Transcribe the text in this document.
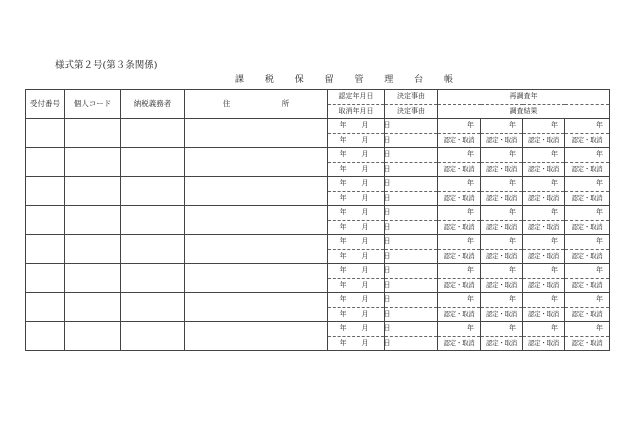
様式第２号(第３条関係)
課 税 保 留 管 理 台 帳
受付番号	個人コード	納税義務者	住　所	認定年月日	決定事由	再調査年			
				取消年月日	決定事由	調査結果			
				年 月 日		年	年	年	年
				年 月 日		認定・取消	認定・取消	認定・取消	認定・取消
				年 月 日		年	年	年	年
				年 月 日		認定・取消	認定・取消	認定・取消	認定・取消
				年 月 日		年	年	年	年
				年 月 日		認定・取消	認定・取消	認定・取消	認定・取消
				年 月 日		年	年	年	年
				年 月 日		認定・取消	認定・取消	認定・取消	認定・取消
				年 月 日		年	年	年	年
				年 月 日		認定・取消	認定・取消	認定・取消	認定・取消
				年 月 日		年	年	年	年
				年 月 日		認定・取消	認定・取消	認定・取消	認定・取消
				年 月 日		年	年	年	年
				年 月 日		認定・取消	認定・取消	認定・取消	認定・取消
				年 月 日		年	年	年	年
				年 月 日		認定・取消	認定・取消	認定・取消	認定・取消
